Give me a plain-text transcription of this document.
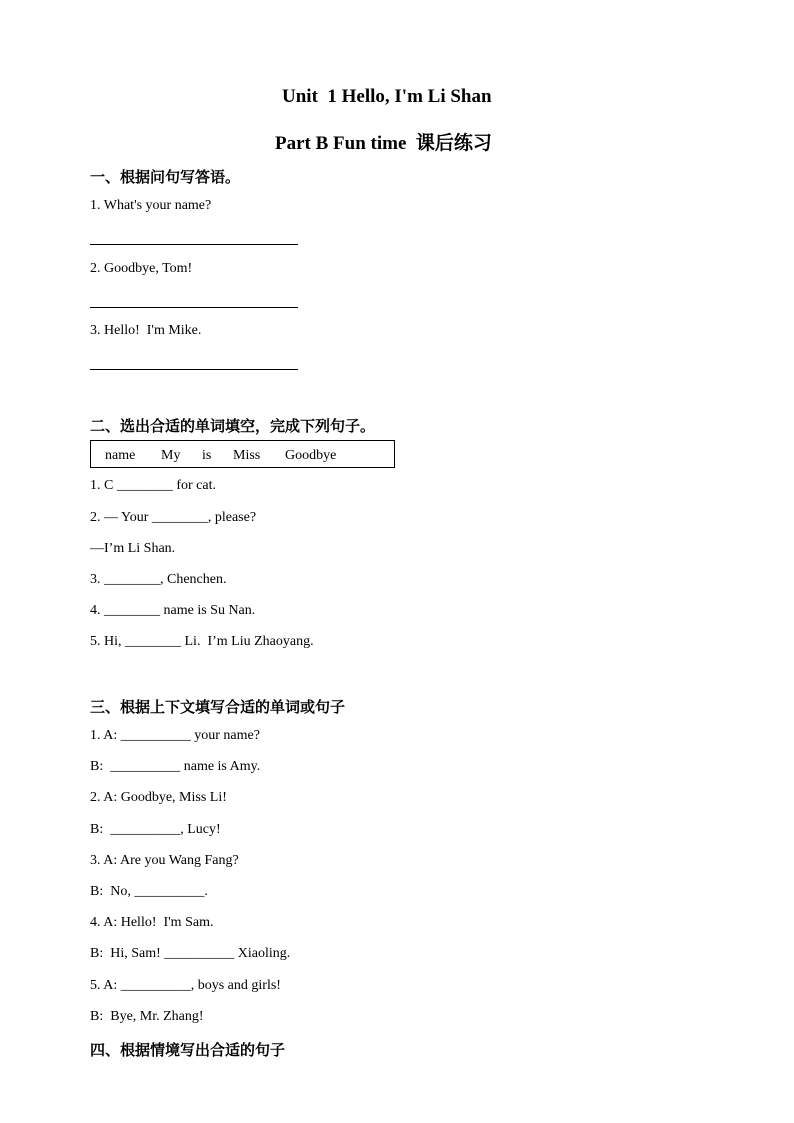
Unit  1 Hello, I'm Li Shan
Part B Fun time  课后练习
一、根据问句写答语。
1. What's your name?
2. Goodbye, Tom!
3. Hello!  I'm Mike.
二、选出合适的单词填空，完成下列句子。
name My is Miss Goodbye
1. C ________ for cat.
2. — Your ________, please?
—I’m Li Shan.
3. ________, Chenchen.
4. ________ name is Su Nan.
5. Hi, ________ Li.  I’m Liu Zhaoyang.
三、根据上下文填写合适的单词或句子
1. A: __________ your name?
B:  __________ name is Amy.
2. A: Goodbye, Miss Li!
B:  __________, Lucy!
3. A: Are you Wang Fang?
B:  No, __________.
4. A: Hello!  I'm Sam.
B:  Hi, Sam! __________ Xiaoling.
5. A: __________, boys and girls!
B:  Bye, Mr. Zhang!
四、根据情境写出合适的句子
